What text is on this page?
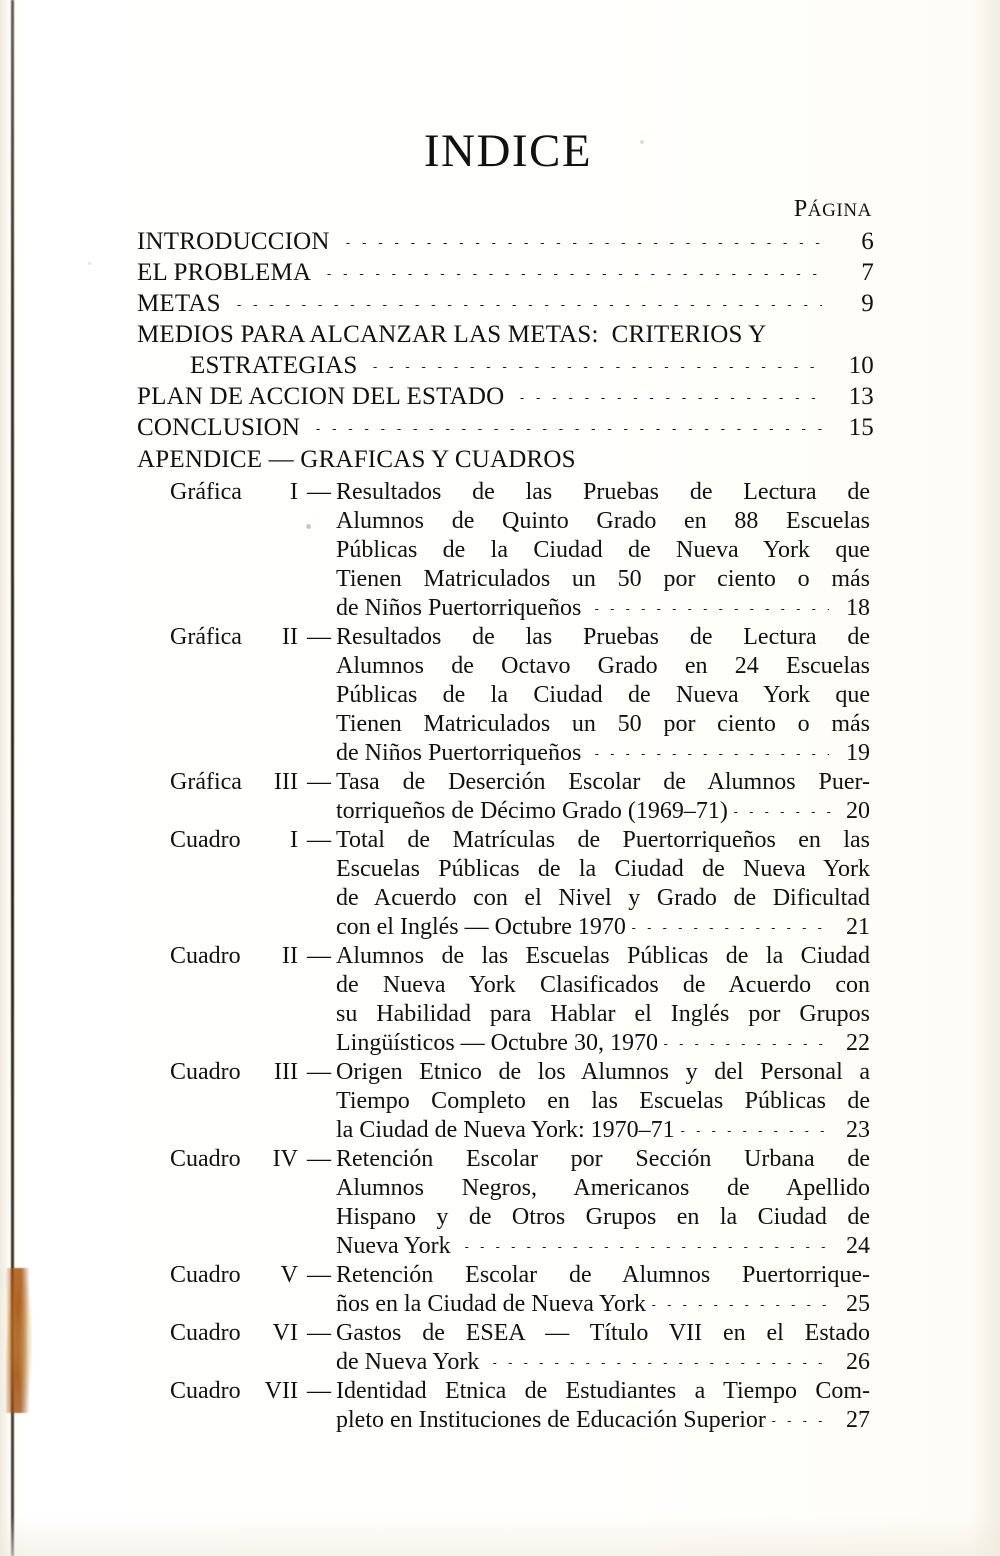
INDICE
PÁGINA
INTRODUCCION	6
EL PROBLEMA	7
METAS	9
MEDIOS PARA ALCANZAR LAS METAS:  CRITERIOS Y
ESTRATEGIAS	10
PLAN DE ACCION DEL ESTADO	13
CONCLUSION	15
APENDICE — GRAFICAS Y CUADROS
Gráfica I — Resultados de las Pruebas de Lectura de
Alumnos de Quinto Grado en 88 Escuelas
Públicas de la Ciudad de Nueva York que
Tienen Matriculados un 50 por ciento o más
de Niños Puertorriqueños	18
Gráfica II — Resultados de las Pruebas de Lectura de
Alumnos de Octavo Grado en 24 Escuelas
Públicas de la Ciudad de Nueva York que
Tienen Matriculados un 50 por ciento o más
de Niños Puertorriqueños	19
Gráfica III — Tasa de Deserción Escolar de Alumnos Puer-
torriqueños de Décimo Grado (1969–71)	20
Cuadro I — Total de Matrículas de Puertorriqueños en las
Escuelas Públicas de la Ciudad de Nueva York
de Acuerdo con el Nivel y Grado de Dificultad
con el Inglés — Octubre 1970	21
Cuadro II — Alumnos de las Escuelas Públicas de la Ciudad
de Nueva York Clasificados de Acuerdo con
su Habilidad para Hablar el Inglés por Grupos
Lingüísticos — Octubre 30, 1970	22
Cuadro III — Origen Etnico de los Alumnos y del Personal a
Tiempo Completo en las Escuelas Públicas de
la Ciudad de Nueva York: 1970–71	23
Cuadro IV — Retención Escolar por Sección Urbana de
Alumnos Negros, Americanos de Apellido
Hispano y de Otros Grupos en la Ciudad de
Nueva York	24
Cuadro V — Retención Escolar de Alumnos Puertorrique-
ños en la Ciudad de Nueva York	25
Cuadro VI — Gastos de ESEA — Título VII en el Estado
de Nueva York	26
Cuadro VII — Identidad Etnica de Estudiantes a Tiempo Com-
pleto en Instituciones de Educación Superior	27
